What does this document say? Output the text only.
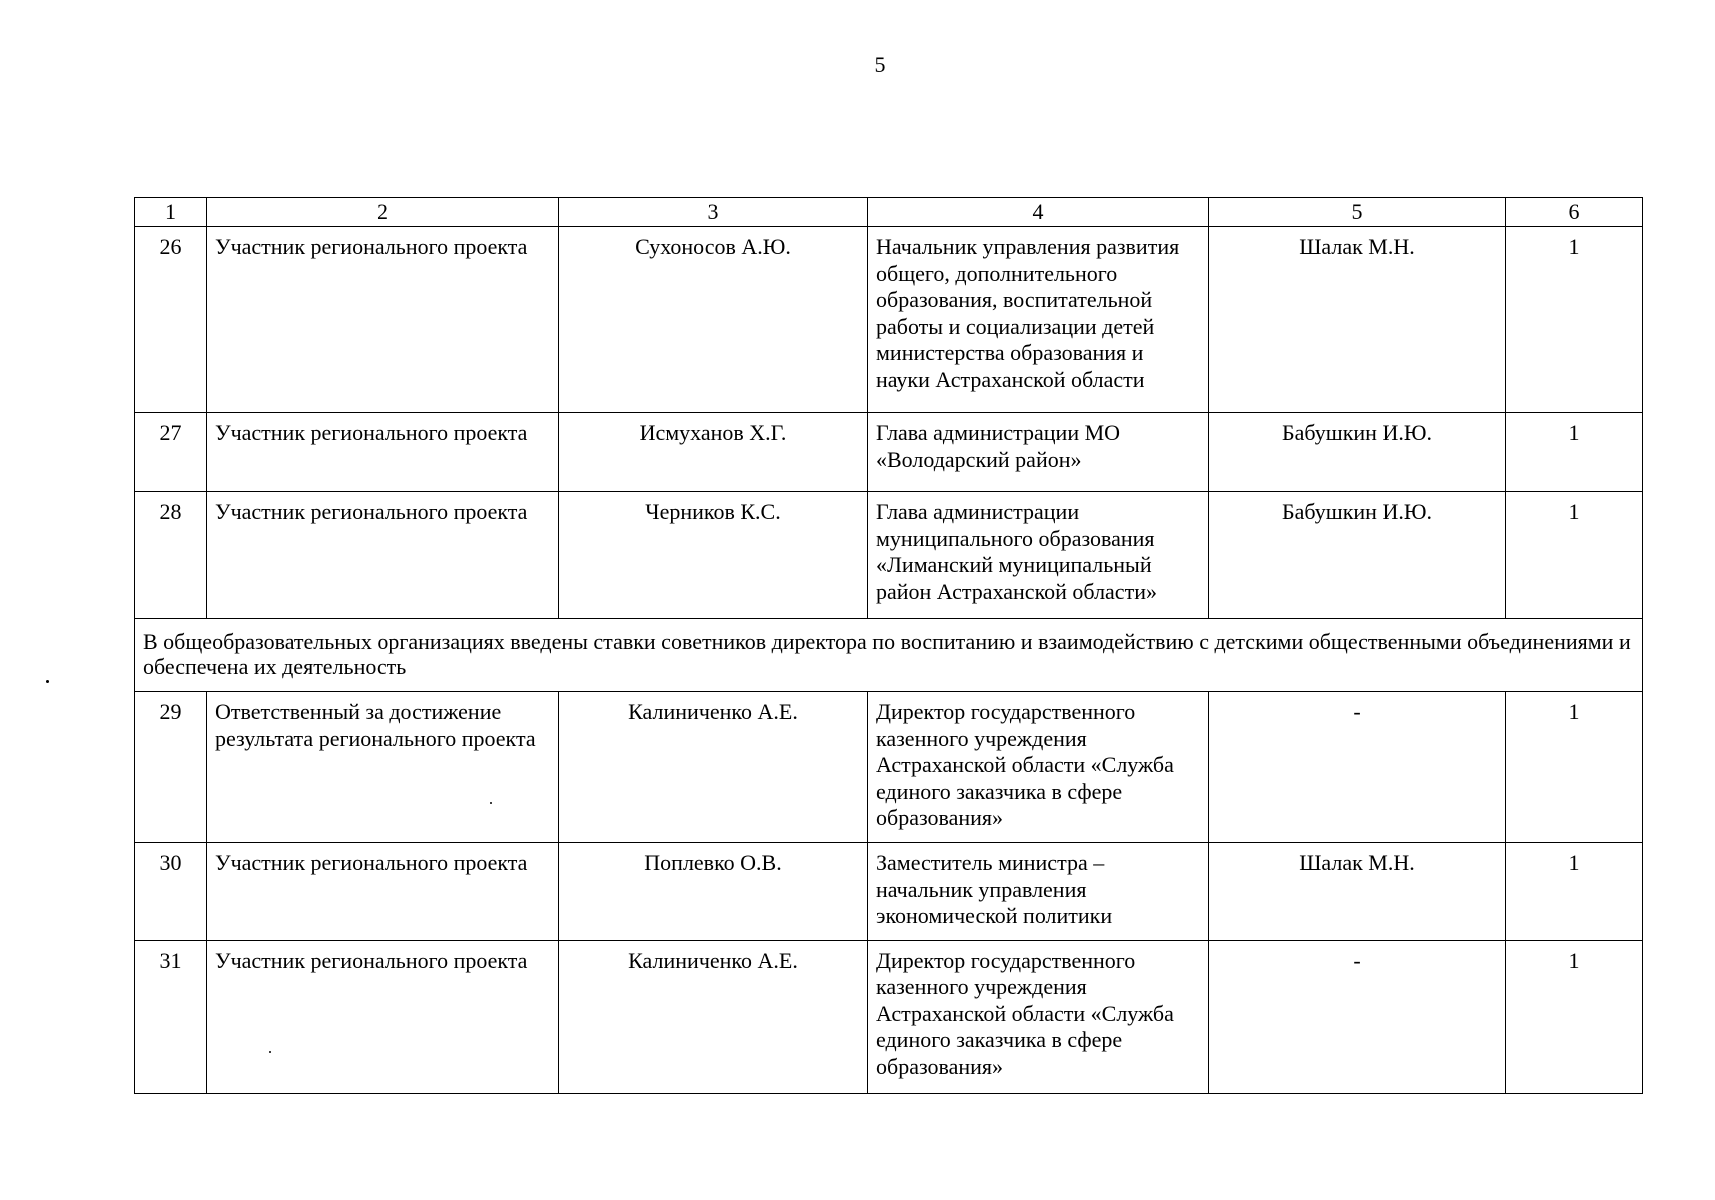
5
1	2	3	4	5	6
26	Участник регионального проекта	Сухоносов А.Ю.	Начальник управления развития общего, дополнительного образования, воспитательной работы и социализации детей министерства образования и науки Астраханской области	Шалак М.Н.	1
27	Участник регионального проекта	Исмуханов Х.Г.	Глава администрации МО «Володарский район»	Бабушкин И.Ю.	1
28	Участник регионального проекта	Черников К.С.	Глава администрации муниципального образования «Лиманский муниципальный район Астраханской области»	Бабушкин И.Ю.	1
В общеобразовательных организациях введены ставки советников директора по воспитанию и взаимодействию с детскими общественными объединениями и обеспечена их деятельность					
29	Ответственный за достижение результата регионального проекта	Калиниченко А.Е.	Директор государственного казенного учреждения Астраханской области «Служба единого заказчика в сфере образования»	-	1
30	Участник регионального проекта	Поплевко О.В.	Заместитель министра – начальник управления экономической политики	Шалак М.Н.	1
31	Участник регионального проекта	Калиниченко А.Е.	Директор государственного казенного учреждения Астраханской области «Служба единого заказчика в сфере образования»	-	1
